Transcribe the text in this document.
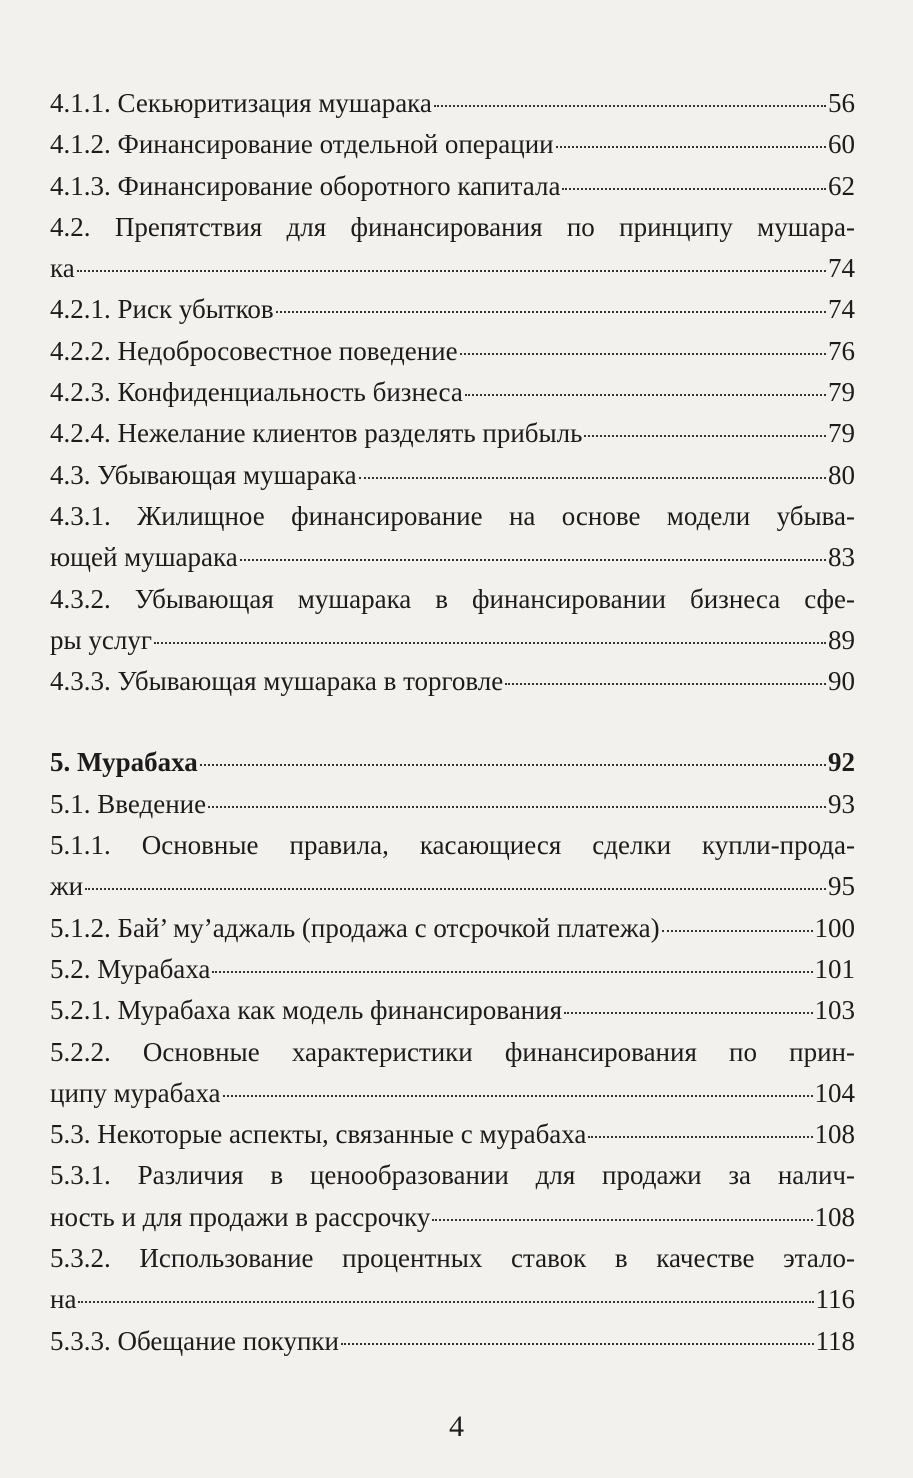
4.1.1. Секьюритизация мушарака	56
4.1.2. Финансирование отдельной операции	60
4.1.3. Финансирование оборотного капитала	62
4.2. Препятствия для финансирования по принципу мушара-
ка	74
4.2.1. Риск убытков	74
4.2.2. Недобросовестное поведение	76
4.2.3. Конфиденциальность бизнеса	79
4.2.4. Нежелание клиентов разделять прибыль	79
4.3. Убывающая мушарака	80
4.3.1. Жилищное финансирование на основе модели убыва-
ющей мушарака	83
4.3.2. Убывающая мушарака в финансировании бизнеса сфе-
ры услуг	89
4.3.3. Убывающая мушарака в торговле	90
5. Мурабаха	92
5.1. Введение	93
5.1.1. Основные правила, касающиеся сделки купли-прода-
жи	95
5.1.2. Бай’ му’аджаль (продажа с отсрочкой платежа)	100
5.2. Мурабаха	101
5.2.1. Мурабаха как модель финансирования	103
5.2.2. Основные характеристики финансирования по прин-
ципу мурабаха	104
5.3. Некоторые аспекты, связанные с мурабаха	108
5.3.1. Различия в ценообразовании для продажи за налич-
ность и для продажи в рассрочку	108
5.3.2. Использование процентных ставок в качестве этало-
на	116
5.3.3. Обещание покупки	118
4
